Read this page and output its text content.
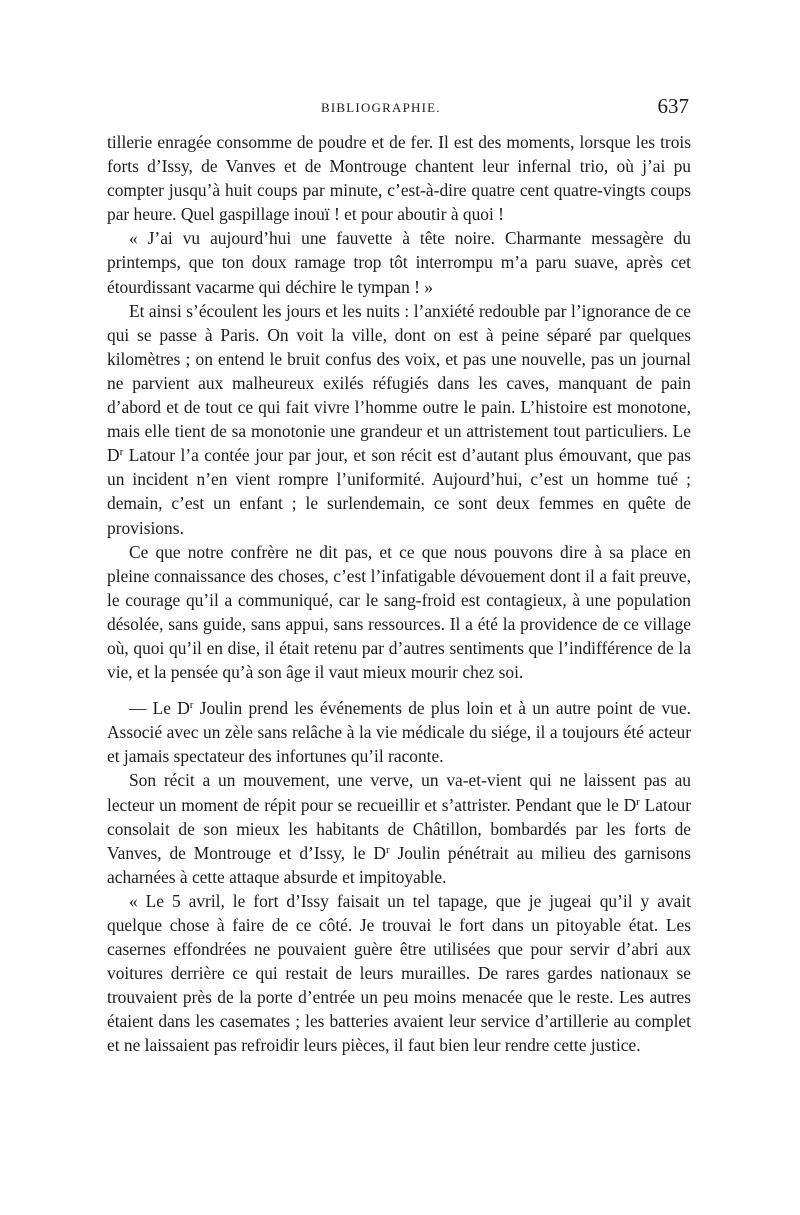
BIBLIOGRAPHIE.	637

tillerie enragée consomme de poudre et de fer. Il est des moments, lorsque les trois forts d’Issy, de Vanves et de Montrouge chantent leur infernal trio, où j’ai pu compter jusqu’à huit coups par minute, c’est-à-dire quatre cent quatre-vingts coups par heure. Quel gaspillage inouï ! et pour aboutir à quoi !

« J’ai vu aujourd’hui une fauvette à tête noire. Charmante messagère du printemps, que ton doux ramage trop tôt interrompu m’a paru suave, après cet étourdissant vacarme qui déchire le tympan ! »

Et ainsi s’écoulent les jours et les nuits : l’anxiété redouble par l’ignorance de ce qui se passe à Paris. On voit la ville, dont on est à peine séparé par quelques kilomètres ; on entend le bruit confus des voix, et pas une nouvelle, pas un journal ne parvient aux malheureux exilés réfugiés dans les caves, manquant de pain d’abord et de tout ce qui fait vivre l’homme outre le pain. L’histoire est monotone, mais elle tient de sa monotonie une grandeur et un attristement tout particuliers. Le $D^r$ Latour l’a contée jour par jour, et son récit est d’autant plus émouvant, que pas un incident n’en vient rompre l’uniformité. Aujourd’hui, c’est un homme tué ; demain, c’est un enfant ; le surlendemain, ce sont deux femmes en quête de provisions.

Ce que notre confrère ne dit pas, et ce que nous pouvons dire à sa place en pleine connaissance des choses, c’est l’infatigable dévouement dont il a fait preuve, le courage qu’il a communiqué, car le sang-froid est contagieux, à une population désolée, sans guide, sans appui, sans ressources. Il a été la providence de ce village où, quoi qu’il en dise, il était retenu par d’autres sentiments que l’indifférence de la vie, et la pensée qu’à son âge il vaut mieux mourir chez soi.

— Le $D^r$ Joulin prend les événements de plus loin et à un autre point de vue. Associé avec un zèle sans relâche à la vie médicale du siége, il a toujours été acteur et jamais spectateur des infortunes qu’il raconte.

Son récit a un mouvement, une verve, un va-et-vient qui ne laissent pas au lecteur un moment de répit pour se recueillir et s’attrister. Pendant que le $D^r$ Latour consolait de son mieux les habitants de Châtillon, bombardés par les forts de Vanves, de Montrouge et d’Issy, le $D^r$ Joulin pénétrait au milieu des garnisons acharnées à cette attaque absurde et impitoyable.

« Le 5 avril, le fort d’Issy faisait un tel tapage, que je jugeai qu’il y avait quelque chose à faire de ce côté. Je trouvai le fort dans un pitoyable état. Les casernes effondrées ne pouvaient guère être utilisées que pour servir d’abri aux voitures derrière ce qui restait de leurs murailles. De rares gardes nationaux se trouvaient près de la porte d’entrée un peu moins menacée que le reste. Les autres étaient dans les casemates ; les batteries avaient leur service d’artillerie au complet et ne laissaient pas refroidir leurs pièces, il faut bien leur rendre cette justice.
